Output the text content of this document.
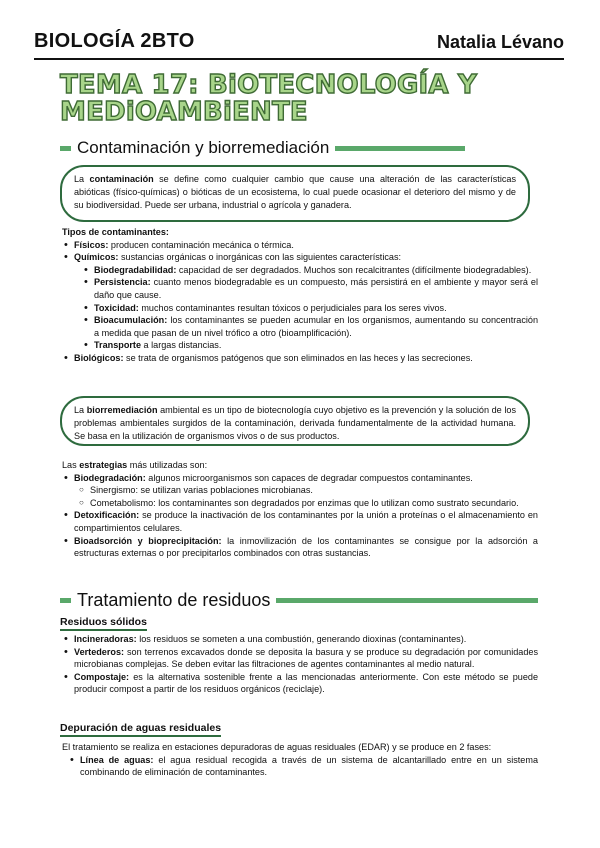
BIOLOGÍA 2BTO	Natalia Lévano
TEMA 17: BiOTECNOLOGÍA Y MEDiOAMBiENTE
Contaminación y biorremediación
La contaminación se define como cualquier cambio que cause una alteración de las características abióticas (físico-químicas) o bióticas de un ecosistema, lo cual puede ocasionar el deterioro del mismo y de su biodiversidad. Puede ser urbana, industrial o agrícola y ganadera.
Tipos de contaminantes:
• Físicos: producen contaminación mecánica o térmica.
• Químicos: sustancias orgánicas o inorgánicas con las siguientes características:
• Biodegradabilidad: capacidad de ser degradados. Muchos son recalcitrantes (difícilmente biodegradables).
• Persistencia: cuanto menos biodegradable es un compuesto, más persistirá en el ambiente y mayor será el daño que cause.
• Toxicidad: muchos contaminantes resultan tóxicos o perjudiciales para los seres vivos.
• Bioacumulación: los contaminantes se pueden acumular en los organismos, aumentando su concentración a medida que pasan de un nivel trófico a otro (bioamplificación).
• Transporte a largas distancias.
• Biológicos: se trata de organismos patógenos que son eliminados en las heces y las secreciones.
La biorremediación ambiental es un tipo de biotecnología cuyo objetivo es la prevención y la solución de los problemas ambientales surgidos de la contaminación, derivada fundamentalmente de la actividad humana. Se basa en la utilización de organismos vivos o de sus productos.
Las estrategias más utilizadas son:
• Biodegradación: algunos microorganismos son capaces de degradar compuestos contaminantes.
○ Sinergismo: se utilizan varias poblaciones microbianas.
○ Cometabolismo: los contaminantes son degradados por enzimas que lo utilizan como sustrato secundario.
• Detoxificación: se produce la inactivación de los contaminantes por la unión a proteínas o el almacenamiento en compartimientos celulares.
• Bioadsorción y bioprecipitación: la inmovilización de los contaminantes se consigue por la adsorción a estructuras externas o por precipitarlos combinados con otras sustancias.
Tratamiento de residuos
Residuos sólidos
• Incineradoras: los residuos se someten a una combustión, generando dioxinas (contaminantes).
• Vertederos: son terrenos excavados donde se deposita la basura y se produce su degradación por comunidades microbianas complejas. Se deben evitar las filtraciones de agentes contaminantes al medio natural.
• Compostaje: es la alternativa sostenible frente a las mencionadas anteriormente. Con este método se puede producir compost a partir de los residuos orgánicos (reciclaje).
Depuración de aguas residuales
El tratamiento se realiza en estaciones depuradoras de aguas residuales (EDAR) y se produce en 2 fases:
• Línea de aguas: el agua residual recogida a través de un sistema de alcantarillado entre en un sistema combinando de eliminación de contaminantes.
